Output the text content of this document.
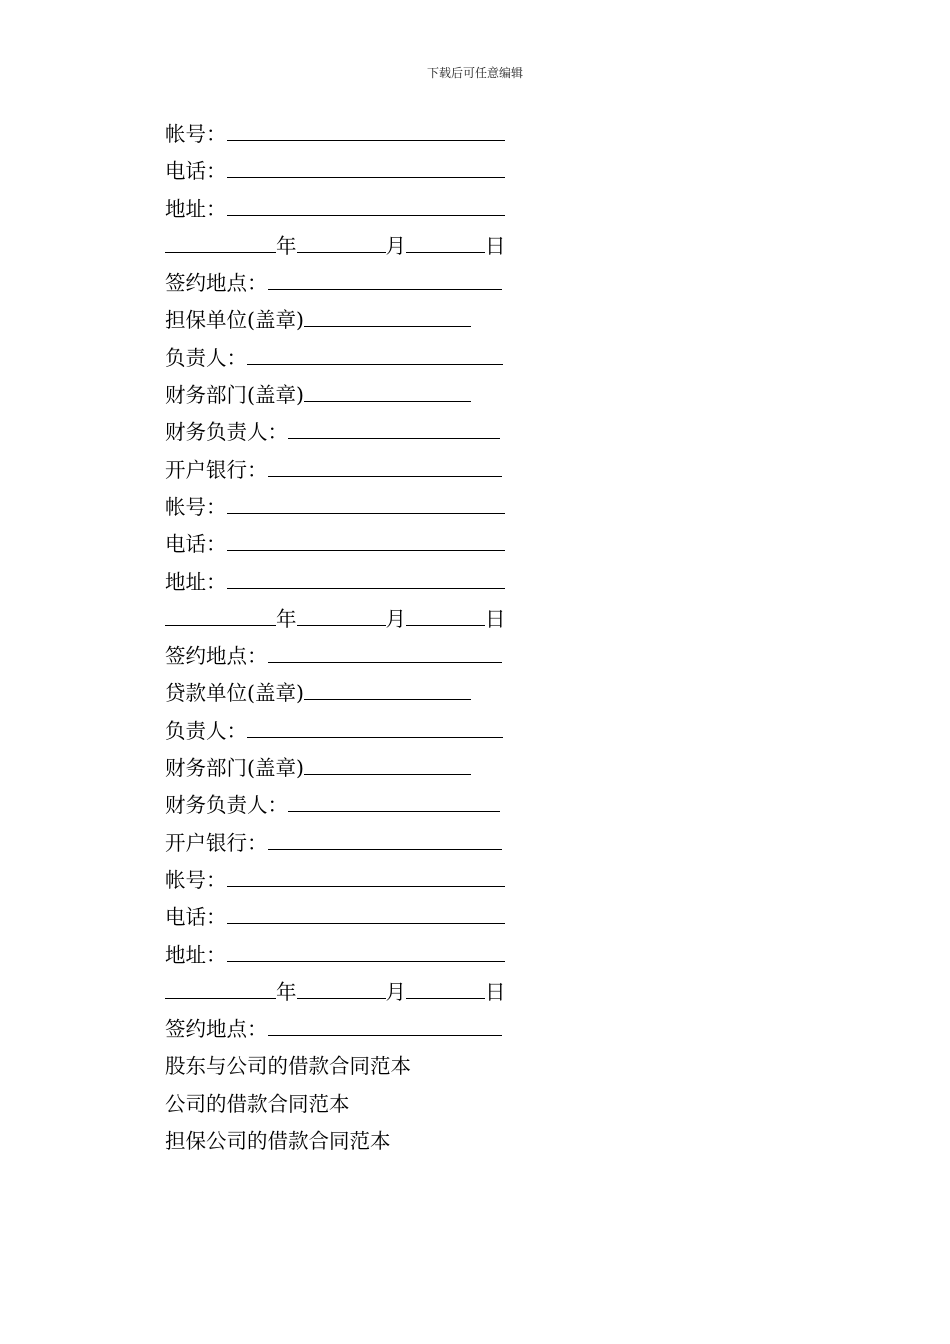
下载后可任意编辑
帐号：
电话：
地址：
年	月	日
签约地点：
担保单位(盖章)
负责人：
财务部门(盖章)
财务负责人：
开户银行：
帐号：
电话：
地址：
年	月	日
签约地点：
贷款单位(盖章)
负责人：
财务部门(盖章)
财务负责人：
开户银行：
帐号：
电话：
地址：
年	月	日
签约地点：
股东与公司的借款合同范本
公司的借款合同范本
担保公司的借款合同范本
